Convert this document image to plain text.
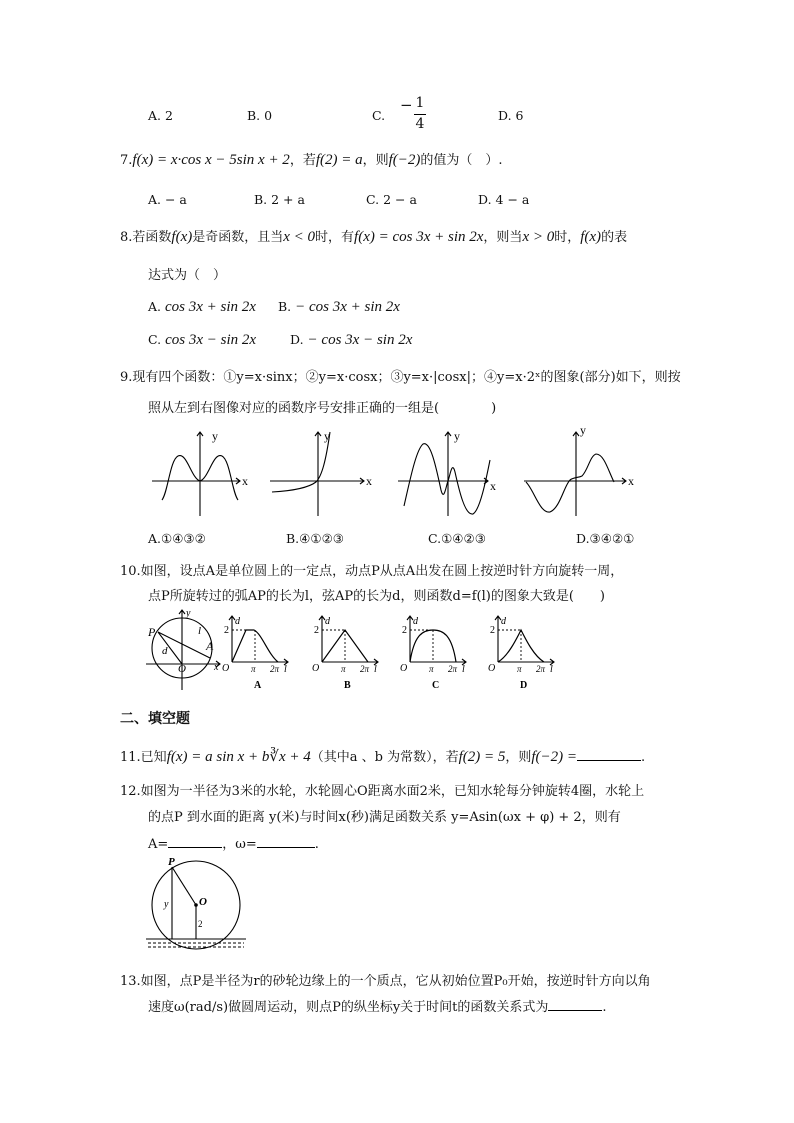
A. 2	B. 0	C.
− 1
4
D. 6
7.f(x) = x·cos x − 5sin x + 2，若f(2) = a，则f(−2)的值为（　）.
A. − a	B. 2 + a	C. 2 − a	D. 4 − a
8.若函数f(x)是奇函数，且当x < 0时，有f(x) = cos 3x + sin 2x，则当x > 0时，f(x)的表
达式为（　）
A. cos 3x + sin 2x B. − cos 3x + sin 2x
C. cos 3x − sin 2x	D. − cos 3x − sin 2x
9.现有四个函数：①y=x·sinx；②y=x·cosx；③y=x·|cosx|；④y=x·2ˣ的图象(部分)如下，则按
照从左到右图像对应的函数序号安排正确的一组是(　　　　)
x
y
x
y
x
y
x
y
A.①④③②	B.④①②③	C.①④②③	D.③④②①
10.如图，设点A是单位圆上的一定点，动点P从点A出发在圆上按逆时针方向旋转一周，
点P所旋转过的弧AP的长为l，弦AP的长为d，则函数d=f(l)的图象大致是(　　)
P
A
O
d
l
x
y
2
O
d
π 2π l
A
2
O
d
π 2π l
B
2
O
d
π 2π l
C
2
O
d
π 2π l
D
二、填空题
11.已知f(x) = a sin x + b∛x + 4（其中a 、b 为常数），若f(2) = 5，则f(−2) =	.
12.如图为一半径为3米的水轮，水轮圆心O距离水面2米，已知水轮每分钟旋转4圈，水轮上
的点P 到水面的距离 y(米)与时间x(秒)满足函数关系 y=Asin(ωx + φ) + 2，则有
A=	，ω=	.
P
O
y
2
13.如图，点P是半径为r的砂轮边缘上的一个质点，它从初始位置P₀开始，按逆时针方向以角
速度ω(rad/s)做圆周运动，则点P的纵坐标y关于时间t的函数关系式为	.
